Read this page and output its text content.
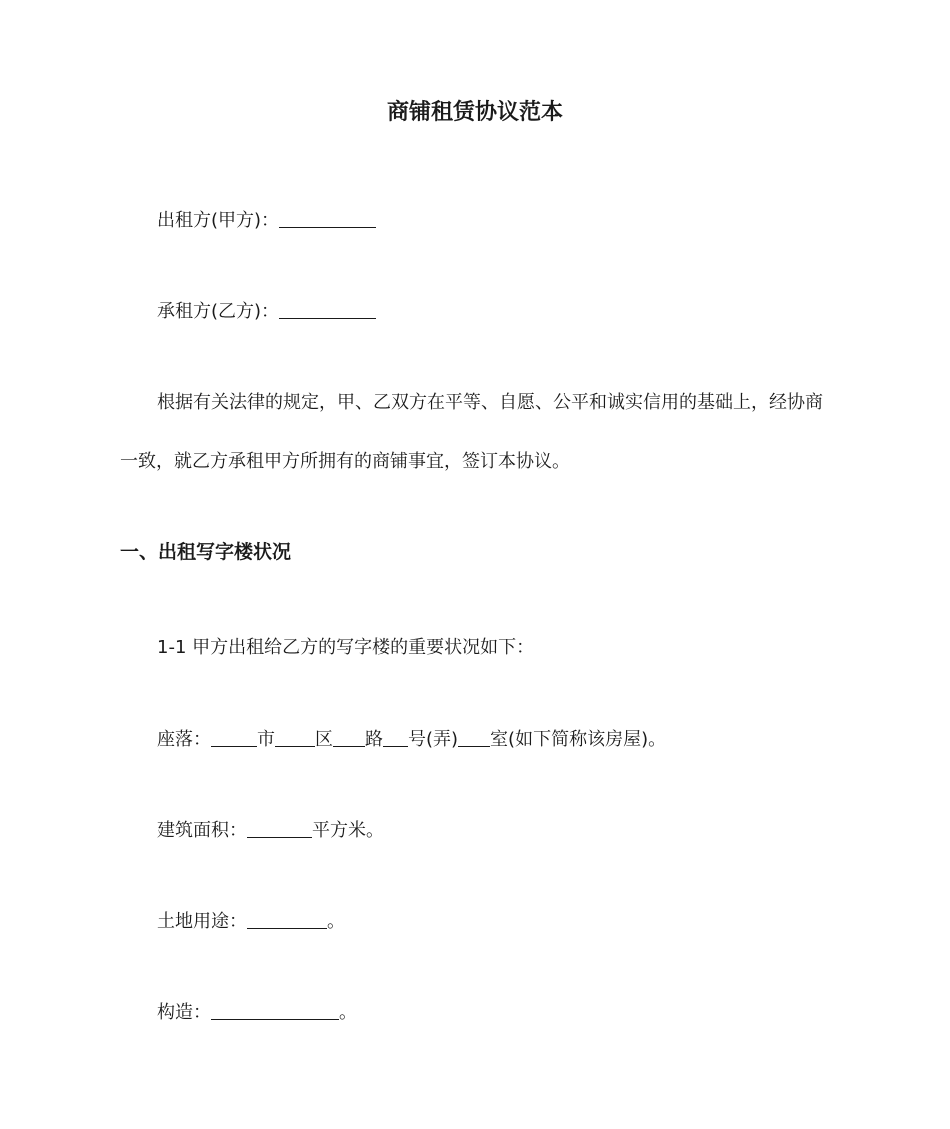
商铺租赁协议范本

出租方(甲方)：

承租方(乙方)：

根据有关法律的规定，甲、乙双方在平等、自愿、公平和诚实信用的基础上，经协商

一致，就乙方承租甲方所拥有的商铺事宜，签订本协议。

一、出租写字楼状况

1-1 甲方出租给乙方的写字楼的重要状况如下：

座落：	市 区 路 号(弄) 室(如下简称该房屋)。

建筑面积：	平方米。

土地用途：	。

构造：	。
